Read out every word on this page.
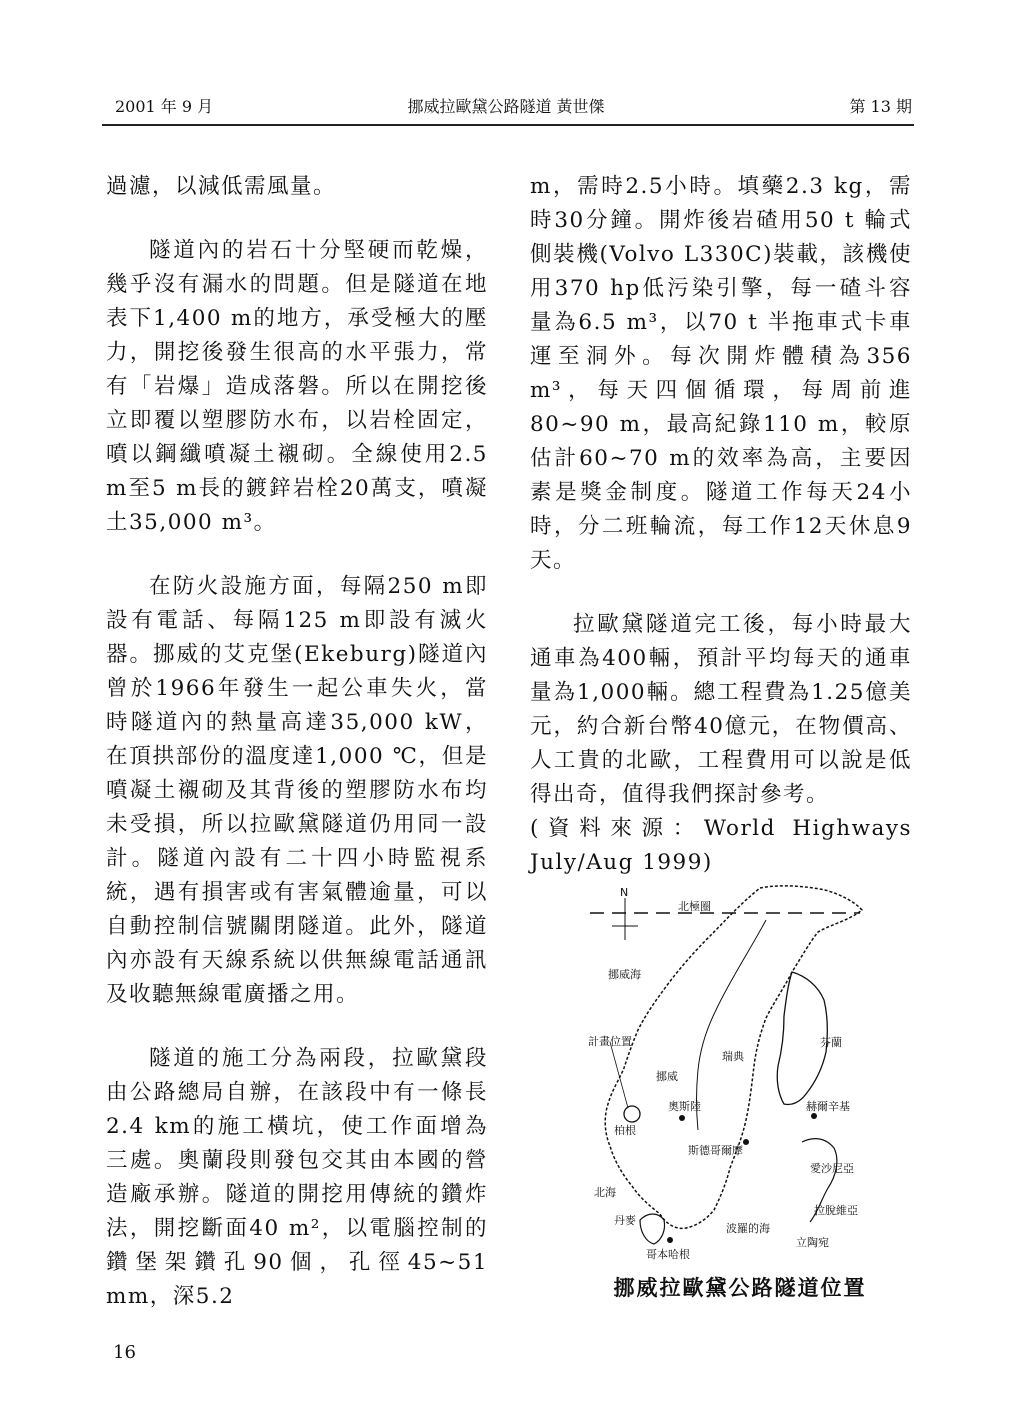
2001 年 9 月	挪威拉歐黛公路隧道 黃世傑	第 13 期

過濾，以減低需風量。

隧道內的岩石十分堅硬而乾燥，幾乎沒有漏水的問題。但是隧道在地表下1,400 m的地方，承受極大的壓力，開挖後發生很高的水平張力，常有「岩爆」造成落磐。所以在開挖後立即覆以塑膠防水布，以岩栓固定，噴以鋼纖噴凝土襯砌。全線使用2.5 m至5 m長的鍍鋅岩栓20萬支，噴凝土35,000 m³。

在防火設施方面，每隔250 m即設有電話、每隔125 m即設有滅火器。挪威的艾克堡(Ekeburg)隧道內曾於1966年發生一起公車失火，當時隧道內的熱量高達35,000 kW，在頂拱部份的溫度達1,000 ℃，但是噴凝土襯砌及其背後的塑膠防水布均未受損，所以拉歐黛隧道仍用同一設計。隧道內設有二十四小時監視系統，遇有損害或有害氣體逾量，可以自動控制信號關閉隧道。此外，隧道內亦設有天線系統以供無線電話通訊及收聽無線電廣播之用。

隧道的施工分為兩段，拉歐黛段由公路總局自辦，在該段中有一條長2.4 km的施工橫坑，使工作面增為三處。奧蘭段則發包交其由本國的營造廠承辦。隧道的開挖用傳統的鑽炸法，開挖斷面40 m²，以電腦控制的鑽堡架鑽孔90個，孔徑45~51 mm，深5.2

m，需時2.5小時。填藥2.3 kg，需時30分鐘。開炸後岩碴用50 t 輪式側裝機(Volvo L330C)裝載，該機使用370 hp低污染引擎，每一碴斗容量為6.5 m³，以70 t 半拖車式卡車運至洞外。每次開炸體積為356 m³，每天四個循環，每周前進80~90 m，最高紀錄110 m，較原估計60~70 m的效率為高，主要因素是獎金制度。隧道工作每天24小時，分二班輪流，每工作12天休息9天。

拉歐黛隧道完工後，每小時最大通車為400輛，預計平均每天的通車量為1,000輛。總工程費為1.25億美元，約合新台幣40億元，在物價高、人工貴的北歐，工程費用可以說是低得出奇，值得我們探討參考。

(資料來源：World Highways July/Aug 1999)

N
北極圈
挪威海
計畫位置
挪威
瑞典
芬蘭
柏根
奧斯陸
斯德哥爾摩
赫爾辛基
北海
愛沙尼亞
拉脫維亞
丹麥
波羅的海
立陶宛
哥本哈根
挪威拉歐黛公路隧道位置
16
